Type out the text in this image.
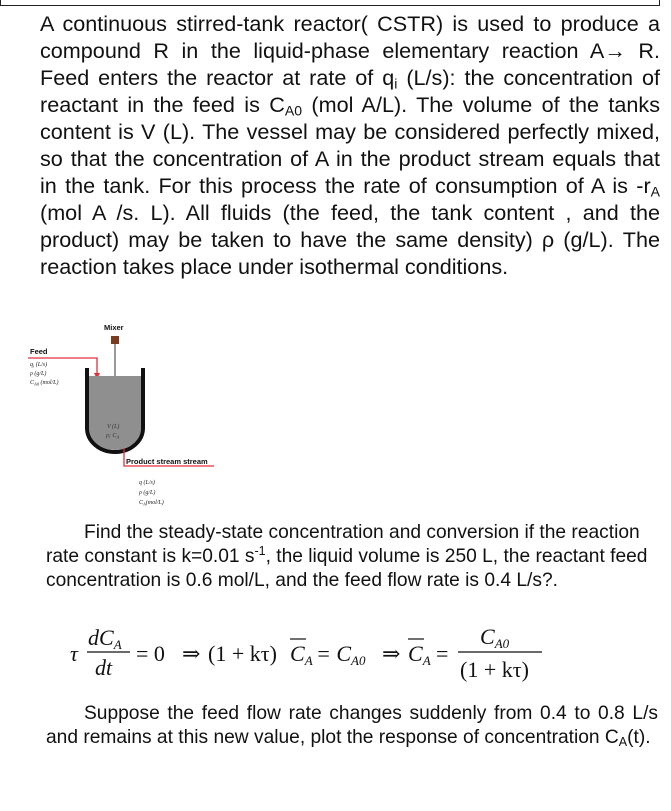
A continuous stirred-tank reactor( CSTR) is used to produce a compound R in the liquid-phase elementary reaction A→ R. Feed enters the reactor at rate of $q_i$ (L/s): the concentration of reactant in the feed is $C_{A0}$ (mol A/L). The volume of the tanks content is V (L). The vessel may be considered perfectly mixed, so that the concentration of A in the product stream equals that in the tank. For this process the rate of consumption of A is $-r_A$ (mol A /s. L). All fluids (the feed, the tank content , and the product) may be taken to have the same density) ρ (g/L). The reaction takes place under isothermal conditions.

Mixer
Feed
$q_i$ (L/s)
ρ (g/L)
$C_{A0}$ (mol/L)
V (L)
ρ; $C_A$
Product stream stream
q (L/s)
ρ (g/L)
$C_A(mol/L)$

Find the steady-state concentration and conversion if the reaction rate constant is k=0.01 $s^{-1}$, the liquid volume is 250 L, the reactant feed concentration is 0.6 mol/L, and the feed flow rate is 0.4 L/s?.

τ
dCA
dt
= 0 ⇒ (1 + kτ) CA = CA0 ⇒ CA =
CA0
(1 + kτ)

Suppose the feed flow rate changes suddenly from 0.4 to 0.8 L/s and remains at this new value, plot the response of concentration $C_A(t)$.
